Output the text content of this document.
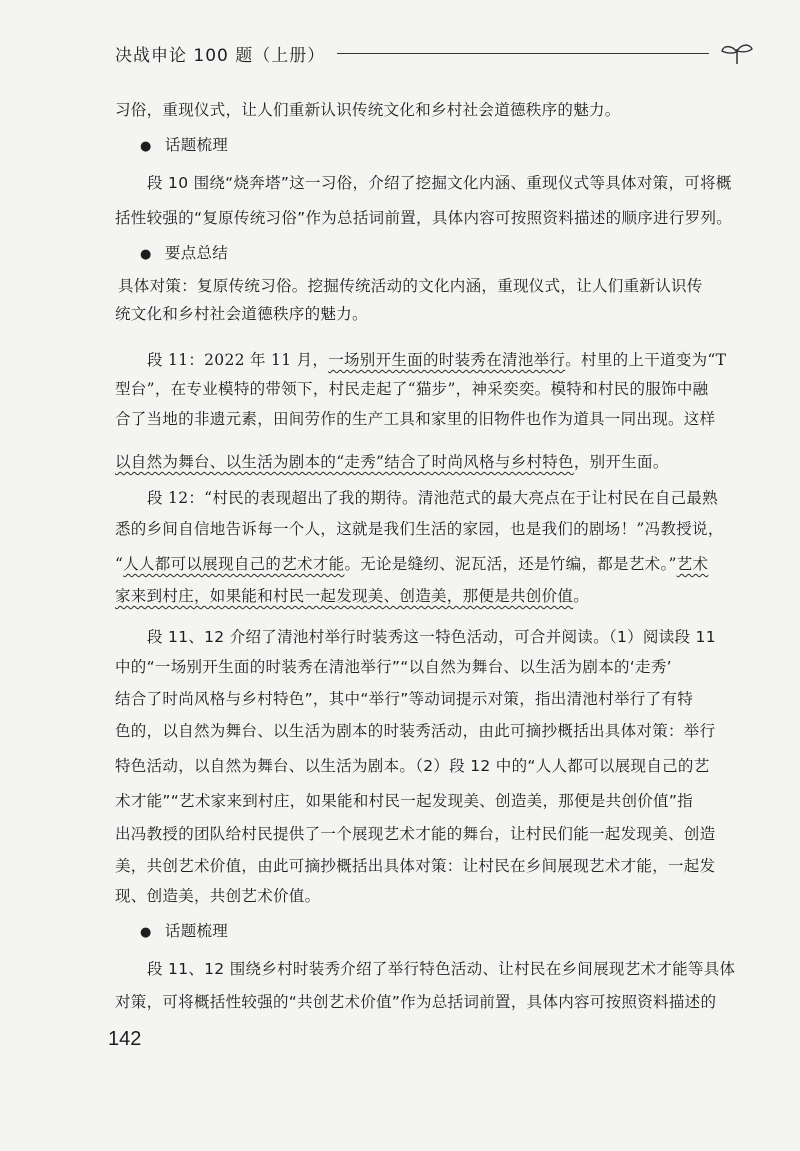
决战申论 100 题（上册）
习俗，重现仪式，让人们重新认识传统文化和乡村社会道德秩序的魅力。
● 话题梳理
段 10 围绕“烧奔塔”这一习俗，介绍了挖掘文化内涵、重现仪式等具体对策，可将概
括性较强的“复原传统习俗”作为总括词前置，具体内容可按照资料描述的顺序进行罗列。
● 要点总结
具体对策：复原传统习俗。挖掘传统活动的文化内涵，重现仪式，让人们重新认识传
统文化和乡村社会道德秩序的魅力。
段 11：2022 年 11 月，一场别开生面的时装秀在清池举行。村里的上干道变为“T
型台”，在专业模特的带领下，村民走起了“猫步”，神采奕奕。模特和村民的服饰中融
合了当地的非遗元素，田间劳作的生产工具和家里的旧物件也作为道具一同出现。这样
以自然为舞台、以生活为剧本的“走秀”结合了时尚风格与乡村特色，别开生面。
段 12：“村民的表现超出了我的期待。清池范式的最大亮点在于让村民在自己最熟
悉的乡间自信地告诉每一个人，这就是我们生活的家园，也是我们的剧场！”冯教授说，
“人人都可以展现自己的艺术才能。无论是缝纫、泥瓦活，还是竹编，都是艺术。”艺术
家来到村庄，如果能和村民一起发现美、创造美，那便是共创价值。
段 11、12 介绍了清池村举行时装秀这一特色活动，可合并阅读。（1）阅读段 11
中的“一场别开生面的时装秀在清池举行”“以自然为舞台、以生活为剧本的‘走秀’
结合了时尚风格与乡村特色”，其中“举行”等动词提示对策，指出清池村举行了有特
色的，以自然为舞台、以生活为剧本的时装秀活动，由此可摘抄概括出具体对策：举行
特色活动，以自然为舞台、以生活为剧本。（2）段 12 中的“人人都可以展现自己的艺
术才能”“艺术家来到村庄，如果能和村民一起发现美、创造美，那便是共创价值”指
出冯教授的团队给村民提供了一个展现艺术才能的舞台，让村民们能一起发现美、创造
美，共创艺术价值，由此可摘抄概括出具体对策：让村民在乡间展现艺术才能，一起发
现、创造美，共创艺术价值。
● 话题梳理
段 11、12 围绕乡村时装秀介绍了举行特色活动、让村民在乡间展现艺术才能等具体
对策，可将概括性较强的“共创艺术价值”作为总括词前置，具体内容可按照资料描述的
142
